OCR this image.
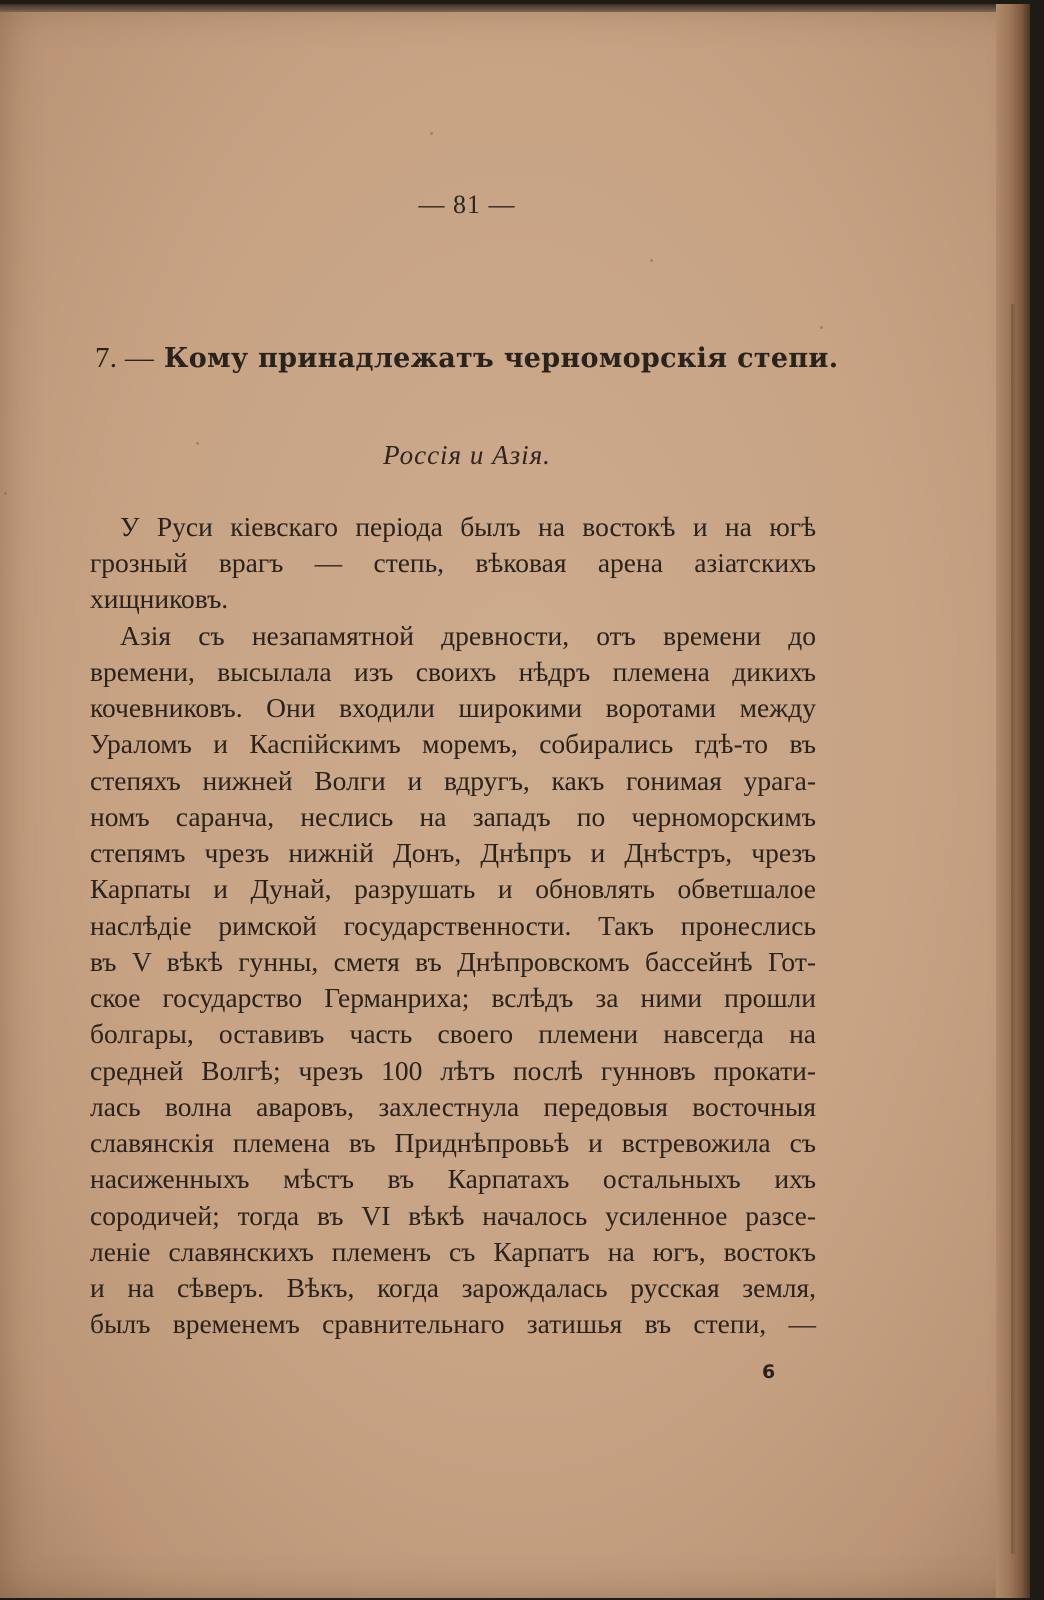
— 81 —
7. — Кому принадлежатъ черноморскія степи.
Россія и Азія.
У Руси кіевскаго періода былъ на востокѣ и на югѣ
грозный врагъ — степь, вѣковая арена азіатскихъ
хищниковъ.
Азія съ незапамятной древности, отъ времени до
времени, высылала изъ своихъ нѣдръ племена дикихъ
кочевниковъ. Они входили широкими воротами между
Ураломъ и Каспійскимъ моремъ, собирались гдѣ-то въ
степяхъ нижней Волги и вдругъ, какъ гонимая урага-
номъ саранча, неслись на западъ по черноморскимъ
степямъ чрезъ нижній Донъ, Днѣпръ и Днѣстръ, чрезъ
Карпаты и Дунай, разрушать и обновлять обветшалое
наслѣдіе римской государственности. Такъ пронеслись
въ V вѣкѣ гунны, сметя въ Днѣпровскомъ бассейнѣ Гот-
ское государство Германриха; вслѣдъ за ними прошли
болгары, оставивъ часть своего племени навсегда на
средней Волгѣ; чрезъ 100 лѣтъ послѣ гунновъ прокати-
лась волна аваровъ, захлестнула передовыя восточныя
славянскія племена въ Приднѣпровьѣ и встревожила съ
насиженныхъ мѣстъ въ Карпатахъ остальныхъ ихъ
сородичей; тогда въ VI вѣкѣ началось усиленное разсе-
леніе славянскихъ племенъ съ Карпатъ на югъ, востокъ
и на сѣверъ. Вѣкъ, когда зарождалась русская земля,
былъ временемъ сравнительнаго затишья въ степи, —
6
